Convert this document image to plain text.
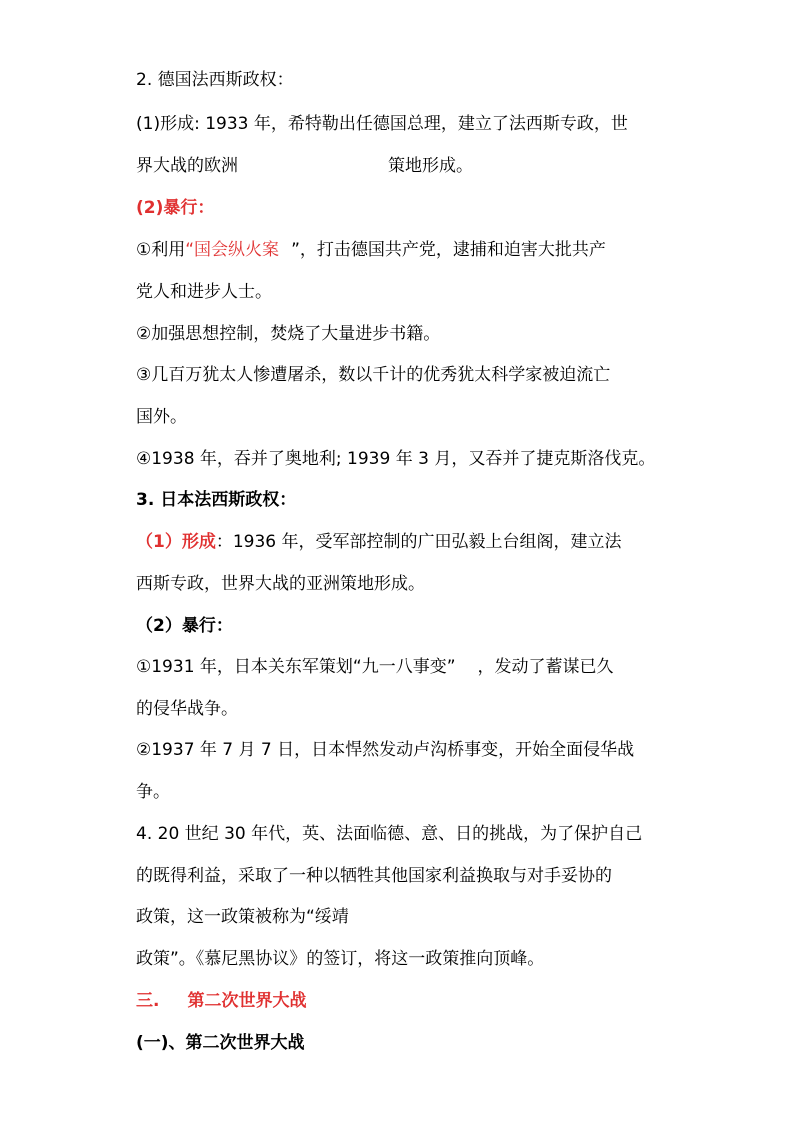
2. 德国法西斯政权：
(1)形成: 1933 年，希特勒出任德国总理，建立了法西斯专政，世
界大战的欧洲	策地形成。
(2)暴行：
①利用“国会纵火案 ”，打击德国共产党，逮捕和迫害大批共产
党人和进步人士。
②加强思想控制，焚烧了大量进步书籍。
③几百万犹太人惨遭屠杀，数以千计的优秀犹太科学家被迫流亡
国外。
④1938 年，吞并了奥地利; 1939 年 3 月，又吞并了捷克斯洛伐克。
3. 日本法西斯政权：
（1）形成：1936 年，受军部控制的广田弘毅上台组阁，建立法
西斯专政，世界大战的亚洲策地形成。
（2）暴行：
①1931 年，日本关东军策划“九一八事变” ，发动了蓄谋已久
的侵华战争。
②1937 年 7 月 7 日，日本悍然发动卢沟桥事变，开始全面侵华战
争。
4. 20 世纪 30 年代，英、法面临德、意、日的挑战，为了保护自己
的既得利益，采取了一种以牺牲其他国家利益换取与对手妥协的
政策，这一政策被称为“绥靖
政策”。《慕尼黑协议》的签订，将这一政策推向顶峰。
三. 第二次世界大战
(一)、第二次世界大战
